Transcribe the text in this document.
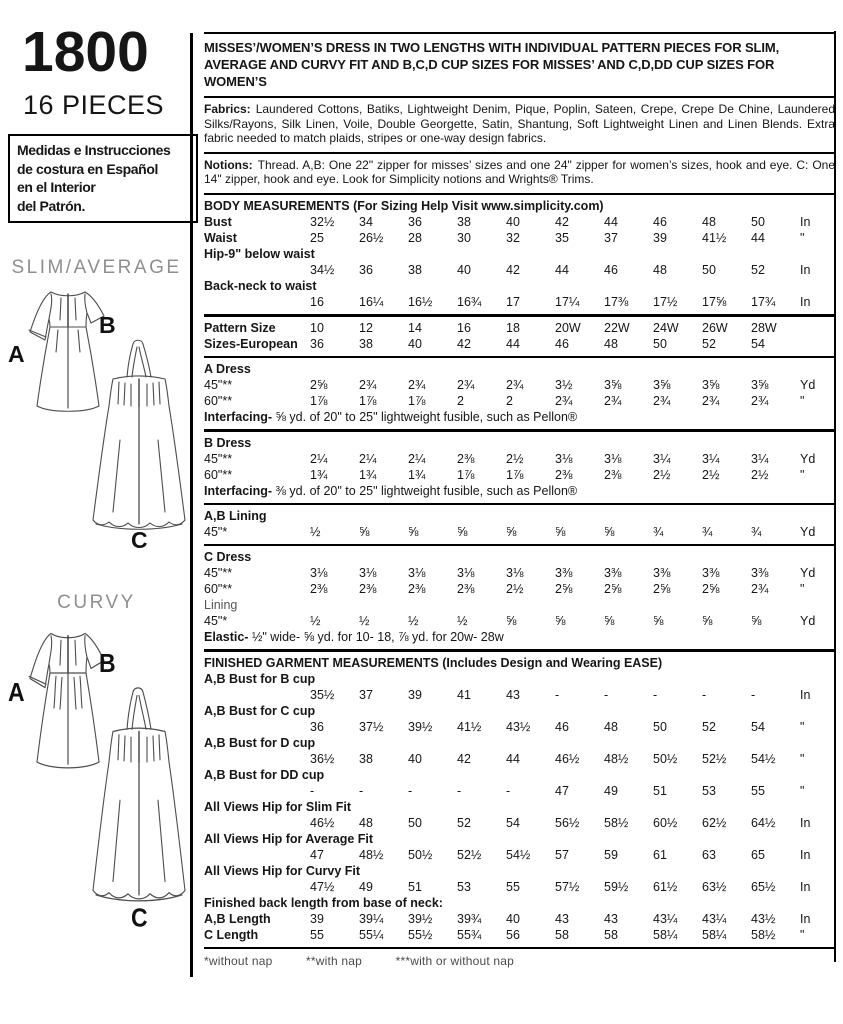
1800
16 PIECES
Medidas e Instrucciones
de costura en Español
en el Interior
del Patrón.
SLIM/AVERAGE
A
B
C
CURVY
A
B
C
MISSES’/WOMEN’S DRESS IN TWO LENGTHS WITH INDIVIDUAL PATTERN PIECES FOR SLIM, AVERAGE AND CURVY FIT AND B,C,D CUP SIZES FOR MISSES’ AND C,D,DD CUP SIZES FOR WOMEN’S
Fabrics: Laundered Cottons, Batiks, Lightweight Denim, Pique, Poplin, Sateen, Crepe, Crepe De Chine, Laundered Silks/Rayons, Silk Linen, Voile, Double Georgette, Satin, Shantung, Soft Lightweight Linen and Linen Blends. Extra fabric needed to match plaids, stripes or one-way design fabrics.
Notions: Thread. A,B: One 22" zipper for misses’ sizes and one 24" zipper for women’s sizes, hook and eye. C: One 14" zipper, hook and eye. Look for Simplicity notions and Wrights® Trims.
BODY MEASUREMENTS (For Sizing Help Visit www.simplicity.com)
Bust	32½	34	36	38	40	42	44	46	48	50	In
Waist	25	26½	28	30	32	35	37	39	41½	44	"
Hip-9" below waist
34½	36	38	40	42	44	46	48	50	52	In
Back-neck to waist
16	16¼	16½	16¾	17	17¼	17⅜	17½	17⅝	17¾	In
Pattern Size	10	12	14	16	18	20W	22W	24W	26W	28W
Sizes-European 36	38	40	42	44	46	48	50	52	54
A Dress
45"**	2⅝	2¾	2¾	2¾	2¾	3½	3⅝	3⅝	3⅝	3⅝	Yd
60"**	1⅞	1⅞	1⅞	2	2	2¾	2¾	2¾	2¾	2¾	"
Interfacing- ⅝ yd. of 20" to 25" lightweight fusible, such as Pellon®
B Dress
45"**	2¼	2¼	2¼	2⅜	2½	3⅛	3⅛	3¼	3¼	3¼	Yd
60"**	1¾	1¾	1¾	1⅞	1⅞	2⅜	2⅜	2½	2½	2½	"
Interfacing- ⅜ yd. of 20" to 25" lightweight fusible, such as Pellon®
A,B Lining
45"*	½	⅝	⅝	⅝	⅝	⅝	⅝	¾	¾	¾	Yd
C Dress
45"**	3⅛	3⅛	3⅛	3⅛	3⅛	3⅜	3⅜	3⅜	3⅜	3⅜	Yd
60"**	2⅜	2⅜	2⅜	2⅜	2½	2⅝	2⅝	2⅝	2⅝	2¾	"
Lining
45"*	½	½	½	½	⅝	⅝	⅝	⅝	⅝	⅝	Yd
Elastic- ½" wide- ⅝ yd. for 10- 18, ⅞ yd. for 20w- 28w
FINISHED GARMENT MEASUREMENTS (Includes Design and Wearing EASE)
A,B Bust for B cup
35½	37	39	41	43	-	-	-	-	-	In
A,B Bust for C cup
36	37½	39½	41½	43½	46	48	50	52	54	"
A,B Bust for D cup
36½	38	40	42	44	46½	48½	50½	52½	54½	"
A,B Bust for DD cup
-	-	-	-	-	47	49	51	53	55	"
All Views Hip for Slim Fit
46½	48	50	52	54	56½	58½	60½	62½	64½	In
All Views Hip for Average Fit
47	48½	50½	52½	54½	57	59	61	63	65	In
All Views Hip for Curvy Fit
47½	49	51	53	55	57½	59½	61½	63½	65½	In
Finished back length from base of neck:
A,B Length	39	39¼	39½	39¾	40	43	43	43¼	43¼	43½	In
C Length	55	55¼	55½	55¾	56	58	58	58¼	58¼	58½	"
*without nap	**with nap	***with or without nap
